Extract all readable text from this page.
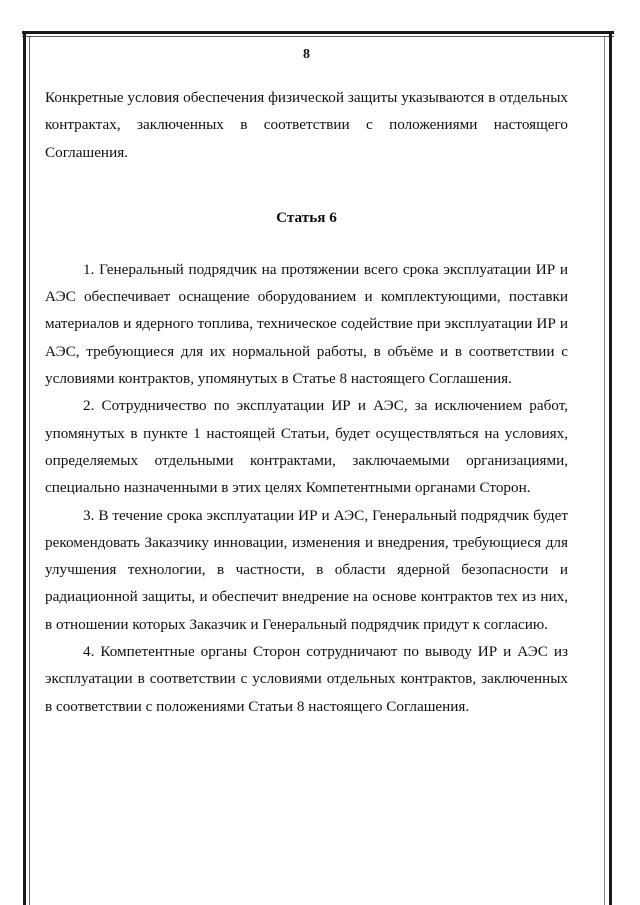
8

Конкретные условия обеспечения физической защиты указываются в отдельных контрактах, заключенных в соответствии с положениями настоящего Соглашения.

Статья 6

1. Генеральный подрядчик на протяжении всего срока эксплуатации ИР и АЭС обеспечивает оснащение оборудованием и комплектующими, поставки материалов и ядерного топлива, техническое содействие при эксплуатации ИР и АЭС, требующиеся для их нормальной работы, в объёме и в соответствии с условиями контрактов, упомянутых в Статье 8 настоящего Соглашения.

2. Сотрудничество по эксплуатации ИР и АЭС, за исключением работ, упомянутых в пункте 1 настоящей Статьи, будет осуществляться на условиях, определяемых отдельными контрактами, заключаемыми организациями, специально назначенными в этих целях Компетентными органами Сторон.

3. В течение срока эксплуатации ИР и АЭС, Генеральный подрядчик будет рекомендовать Заказчику инновации, изменения и внедрения, требующиеся для улучшения технологии, в частности, в области ядерной безопасности и радиационной защиты, и обеспечит внедрение на основе контрактов тех из них, в отношении которых Заказчик и Генеральный подрядчик придут к согласию.

4. Компетентные органы Сторон сотрудничают по выводу ИР и АЭС из эксплуатации в соответствии с условиями отдельных контрактов, заключенных в соответствии с положениями Статьи 8 настоящего Соглашения.
